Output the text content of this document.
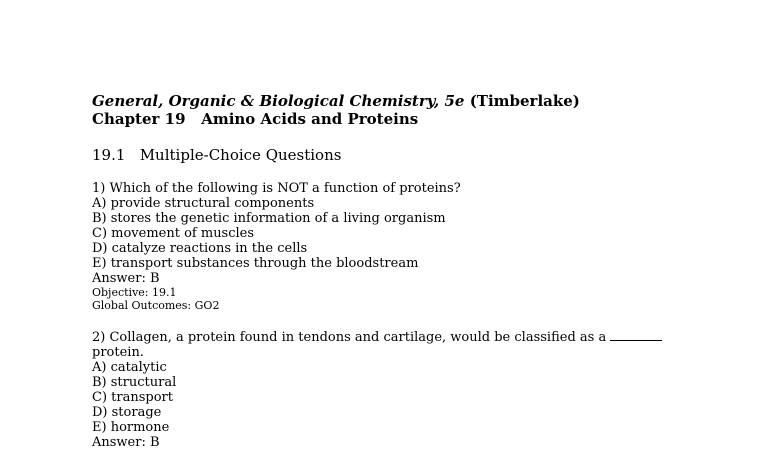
General, Organic & Biological Chemistry, 5e (Timberlake)
Chapter 19   Amino Acids and Proteins
19.1   Multiple-Choice Questions
1) Which of the following is NOT a function of proteins?
A) provide structural components
B) stores the genetic information of a living organism
C) movement of muscles
D) catalyze reactions in the cells
E) transport substances through the bloodstream
Answer: B
Objective: 19.1
Global Outcomes: GO2
2) Collagen, a protein found in tendons and cartilage, would be classified as a
protein.
A) catalytic
B) structural
C) transport
D) storage
E) hormone
Answer: B
